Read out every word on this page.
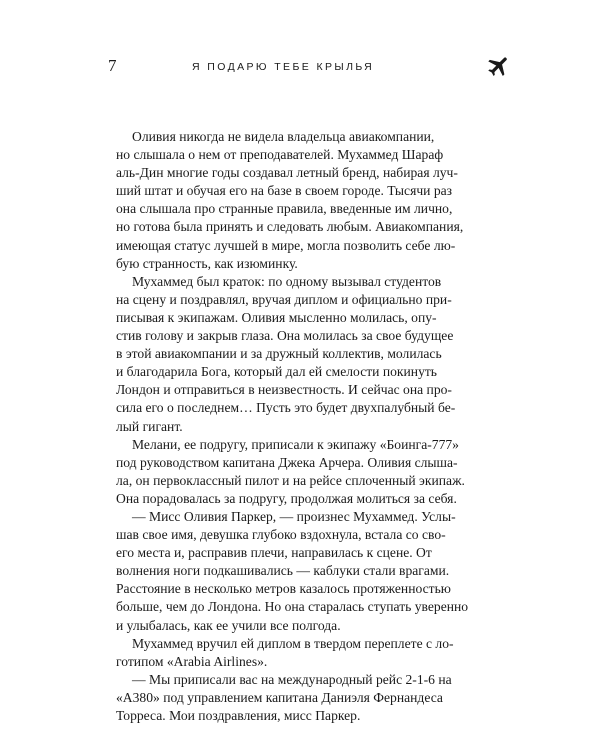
7	Я ПОДАРЮ ТЕБЕ КРЫЛЬЯ

Оливия никогда не видела владельца авиакомпании,
но слышала о нем от преподавателей. Мухаммед Шараф
аль-Дин многие годы создавал летный бренд, набирая луч-
ший штат и обучая его на базе в своем городе. Тысячи раз
она слышала про странные правила, введенные им лично,
но готова была принять и следовать любым. Авиакомпания,
имеющая статус лучшей в мире, могла позволить себе лю-
бую странность, как изюминку.

Мухаммед был краток: по одному вызывал студентов
на сцену и поздравлял, вручая диплом и официально при-
писывая к экипажам. Оливия мысленно молилась, опу-
стив голову и закрыв глаза. Она молилась за свое будущее
в этой авиакомпании и за дружный коллектив, молилась
и благодарила Бога, который дал ей смелости покинуть
Лондон и отправиться в неизвестность. И сейчас она про-
сила его о последнем… Пусть это будет двухпалубный бе-
лый гигант.

Мелани, ее подругу, приписали к экипажу «Боинга-777»
под руководством капитана Джека Арчера. Оливия слыша-
ла, он первоклассный пилот и на рейсе сплоченный экипаж.
Она порадовалась за подругу, продолжая молиться за себя.

— Мисс Оливия Паркер, — произнес Мухаммед. Услы-
шав свое имя, девушка глубоко вздохнула, встала со сво-
его места и, расправив плечи, направилась к сцене. От
волнения ноги подкашивались — каблуки стали врагами.
Расстояние в несколько метров казалось протяженностью
больше, чем до Лондона. Но она старалась ступать уверенно
и улыбалась, как ее учили все полгода.

Мухаммед вручил ей диплом в твердом переплете с ло-
готипом «Arabia Airlines».

— Мы приписали вас на международный рейс 2-1-6 на
«A380» под управлением капитана Даниэля Фернандеса
Торреса. Мои поздравления, мисс Паркер.
